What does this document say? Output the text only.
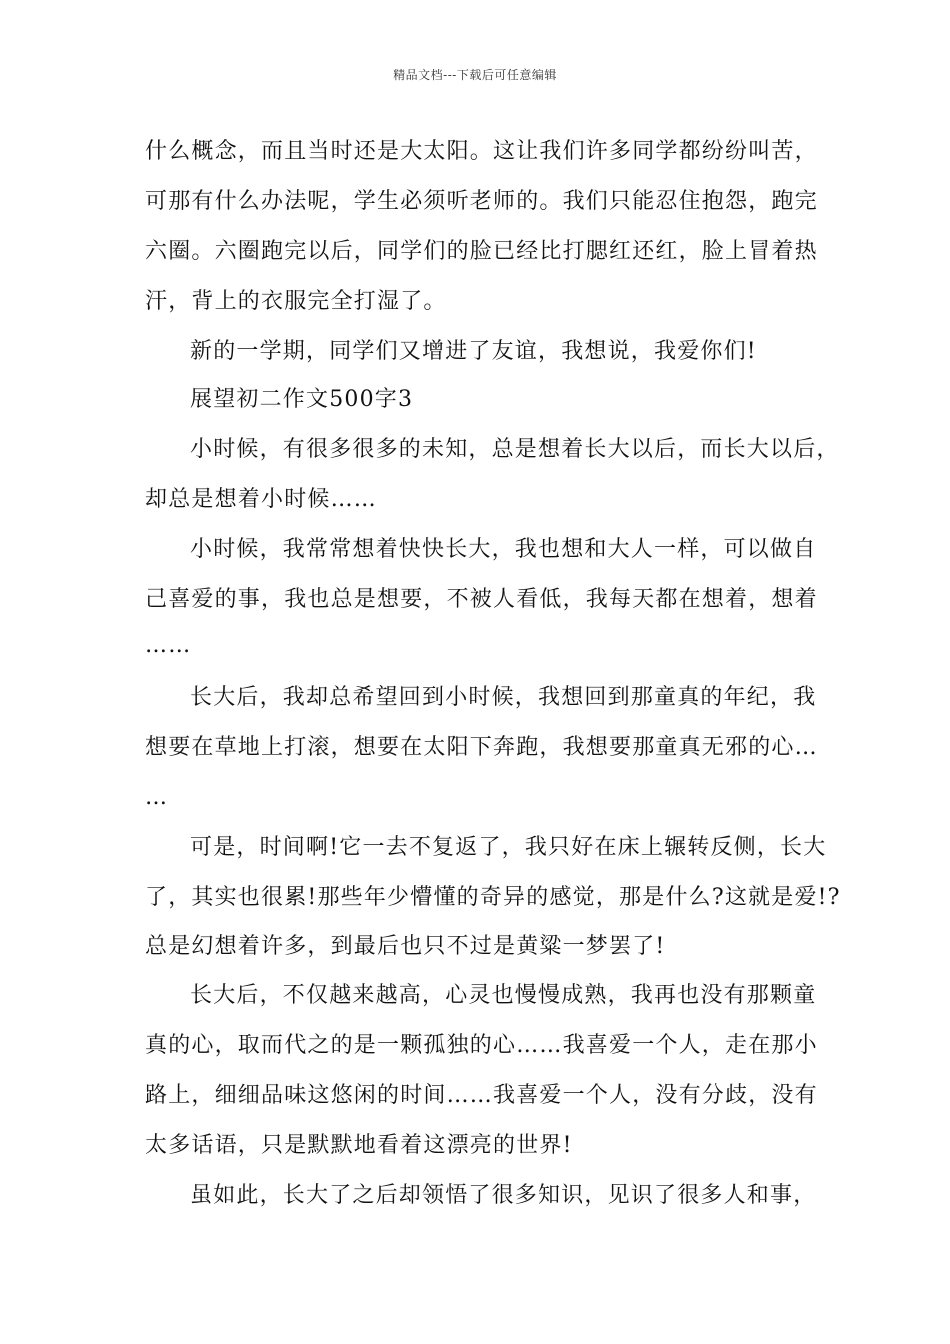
精品文档---下载后可任意编辑
什么概念，而且当时还是大太阳。这让我们许多同学都纷纷叫苦，
可那有什么办法呢，学生必须听老师的。我们只能忍住抱怨，跑完
六圈。六圈跑完以后，同学们的脸已经比打腮红还红，脸上冒着热
汗，背上的衣服完全打湿了。
新的一学期，同学们又增进了友谊，我想说，我爱你们!
展望初二作文500字3
小时候，有很多很多的未知，总是想着长大以后，而长大以后，
却总是想着小时候……
小时候，我常常想着快快长大，我也想和大人一样，可以做自
己喜爱的事，我也总是想要，不被人看低，我每天都在想着，想着
……
长大后，我却总希望回到小时候，我想回到那童真的年纪，我
想要在草地上打滚，想要在太阳下奔跑，我想要那童真无邪的心…
…
可是，时间啊!它一去不复返了，我只好在床上辗转反侧，长大
了，其实也很累!那些年少懵懂的奇异的感觉，那是什么?这就是爱!?
总是幻想着许多，到最后也只不过是黄粱一梦罢了!
长大后，不仅越来越高，心灵也慢慢成熟，我再也没有那颗童
真的心，取而代之的是一颗孤独的心……我喜爱一个人，走在那小
路上，细细品味这悠闲的时间……我喜爱一个人，没有分歧，没有
太多话语，只是默默地看着这漂亮的世界!
虽如此，长大了之后却领悟了很多知识，见识了很多人和事，
